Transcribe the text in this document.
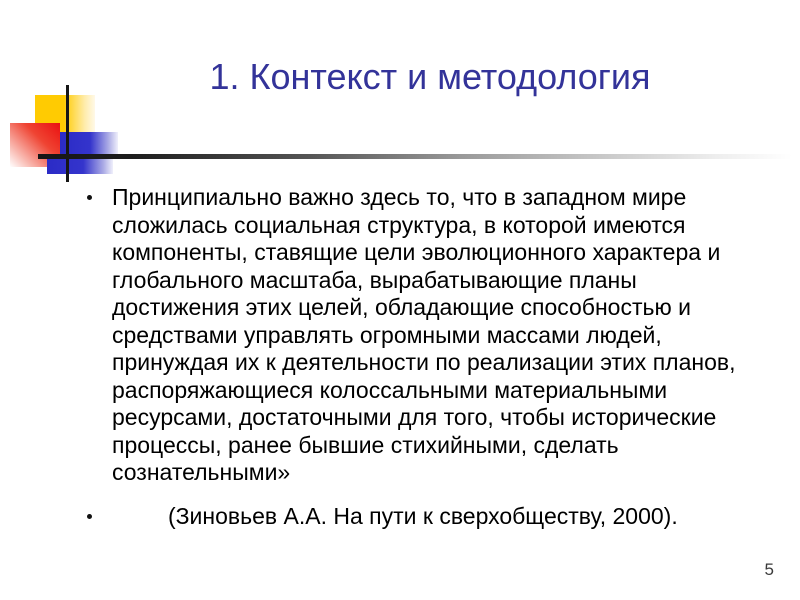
1. Контекст и методология
Принципиально важно здесь то, что в западном мире
сложилась социальная структура, в которой имеются
компоненты, ставящие цели эволюционного характера и
глобального масштаба, вырабатывающие планы
достижения этих целей, обладающие способностью и
средствами управлять огромными массами людей,
принуждая их к деятельности по реализации этих планов,
распоряжающиеся колоссальными материальными
ресурсами, достаточными для того, чтобы исторические
процессы, ранее бывшие стихийными, сделать
сознательными»
(Зиновьев А.А. На пути к сверхобществу, 2000).
5
